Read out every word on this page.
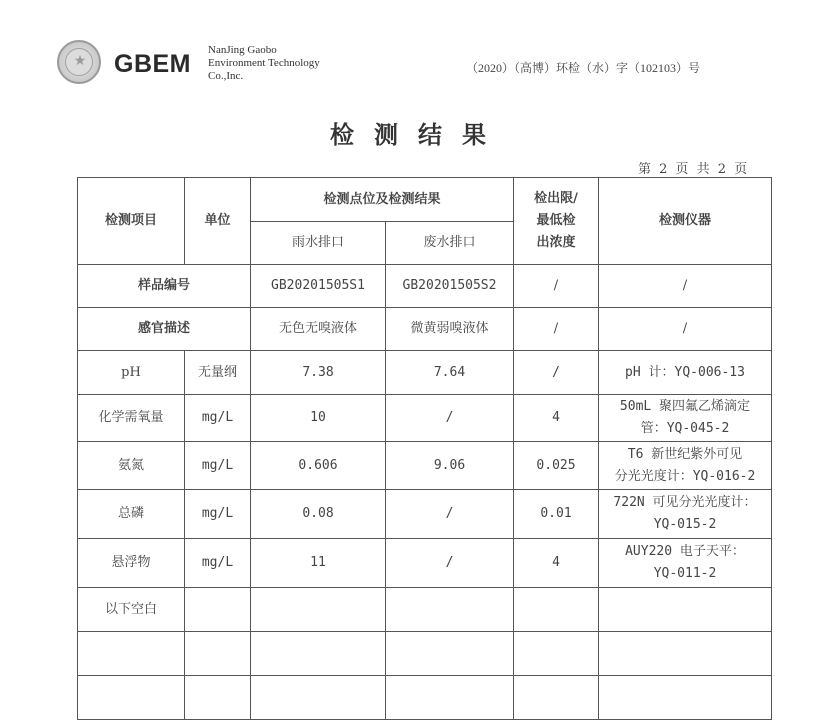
★	GBEM NanJing Gaobo
Environment Technology
Co.,Inc.
（2020）（高博）环检（水）字（102103）号
检测结果
第 2 页 共 2 页
检测项目	单位	检测点位及检测结果		检出限/
最低检
出浓度	检测仪器
		雨水排口	废水排口		
样品编号		GB20201505S1	GB20201505S2	/	/
感官描述		无色无嗅液体	微黄弱嗅液体	/	/
pH	无量纲	7.38	7.64	/	pH 计：YQ-006-13

化学需氧量	mg/L	10	/	4	50mL 聚四氟乙烯滴定
管：YQ-045-2

氨氮	mg/L	0.606	9.06	0.025	T6 新世纪紫外可见
分光光度计：YQ-016-2

总磷	mg/L	0.08	/	0.01	722N 可见分光光度计：
YQ-015-2

悬浮物	mg/L	11	/	4	AUY220 电子天平：
YQ-011-2

以下空白					
